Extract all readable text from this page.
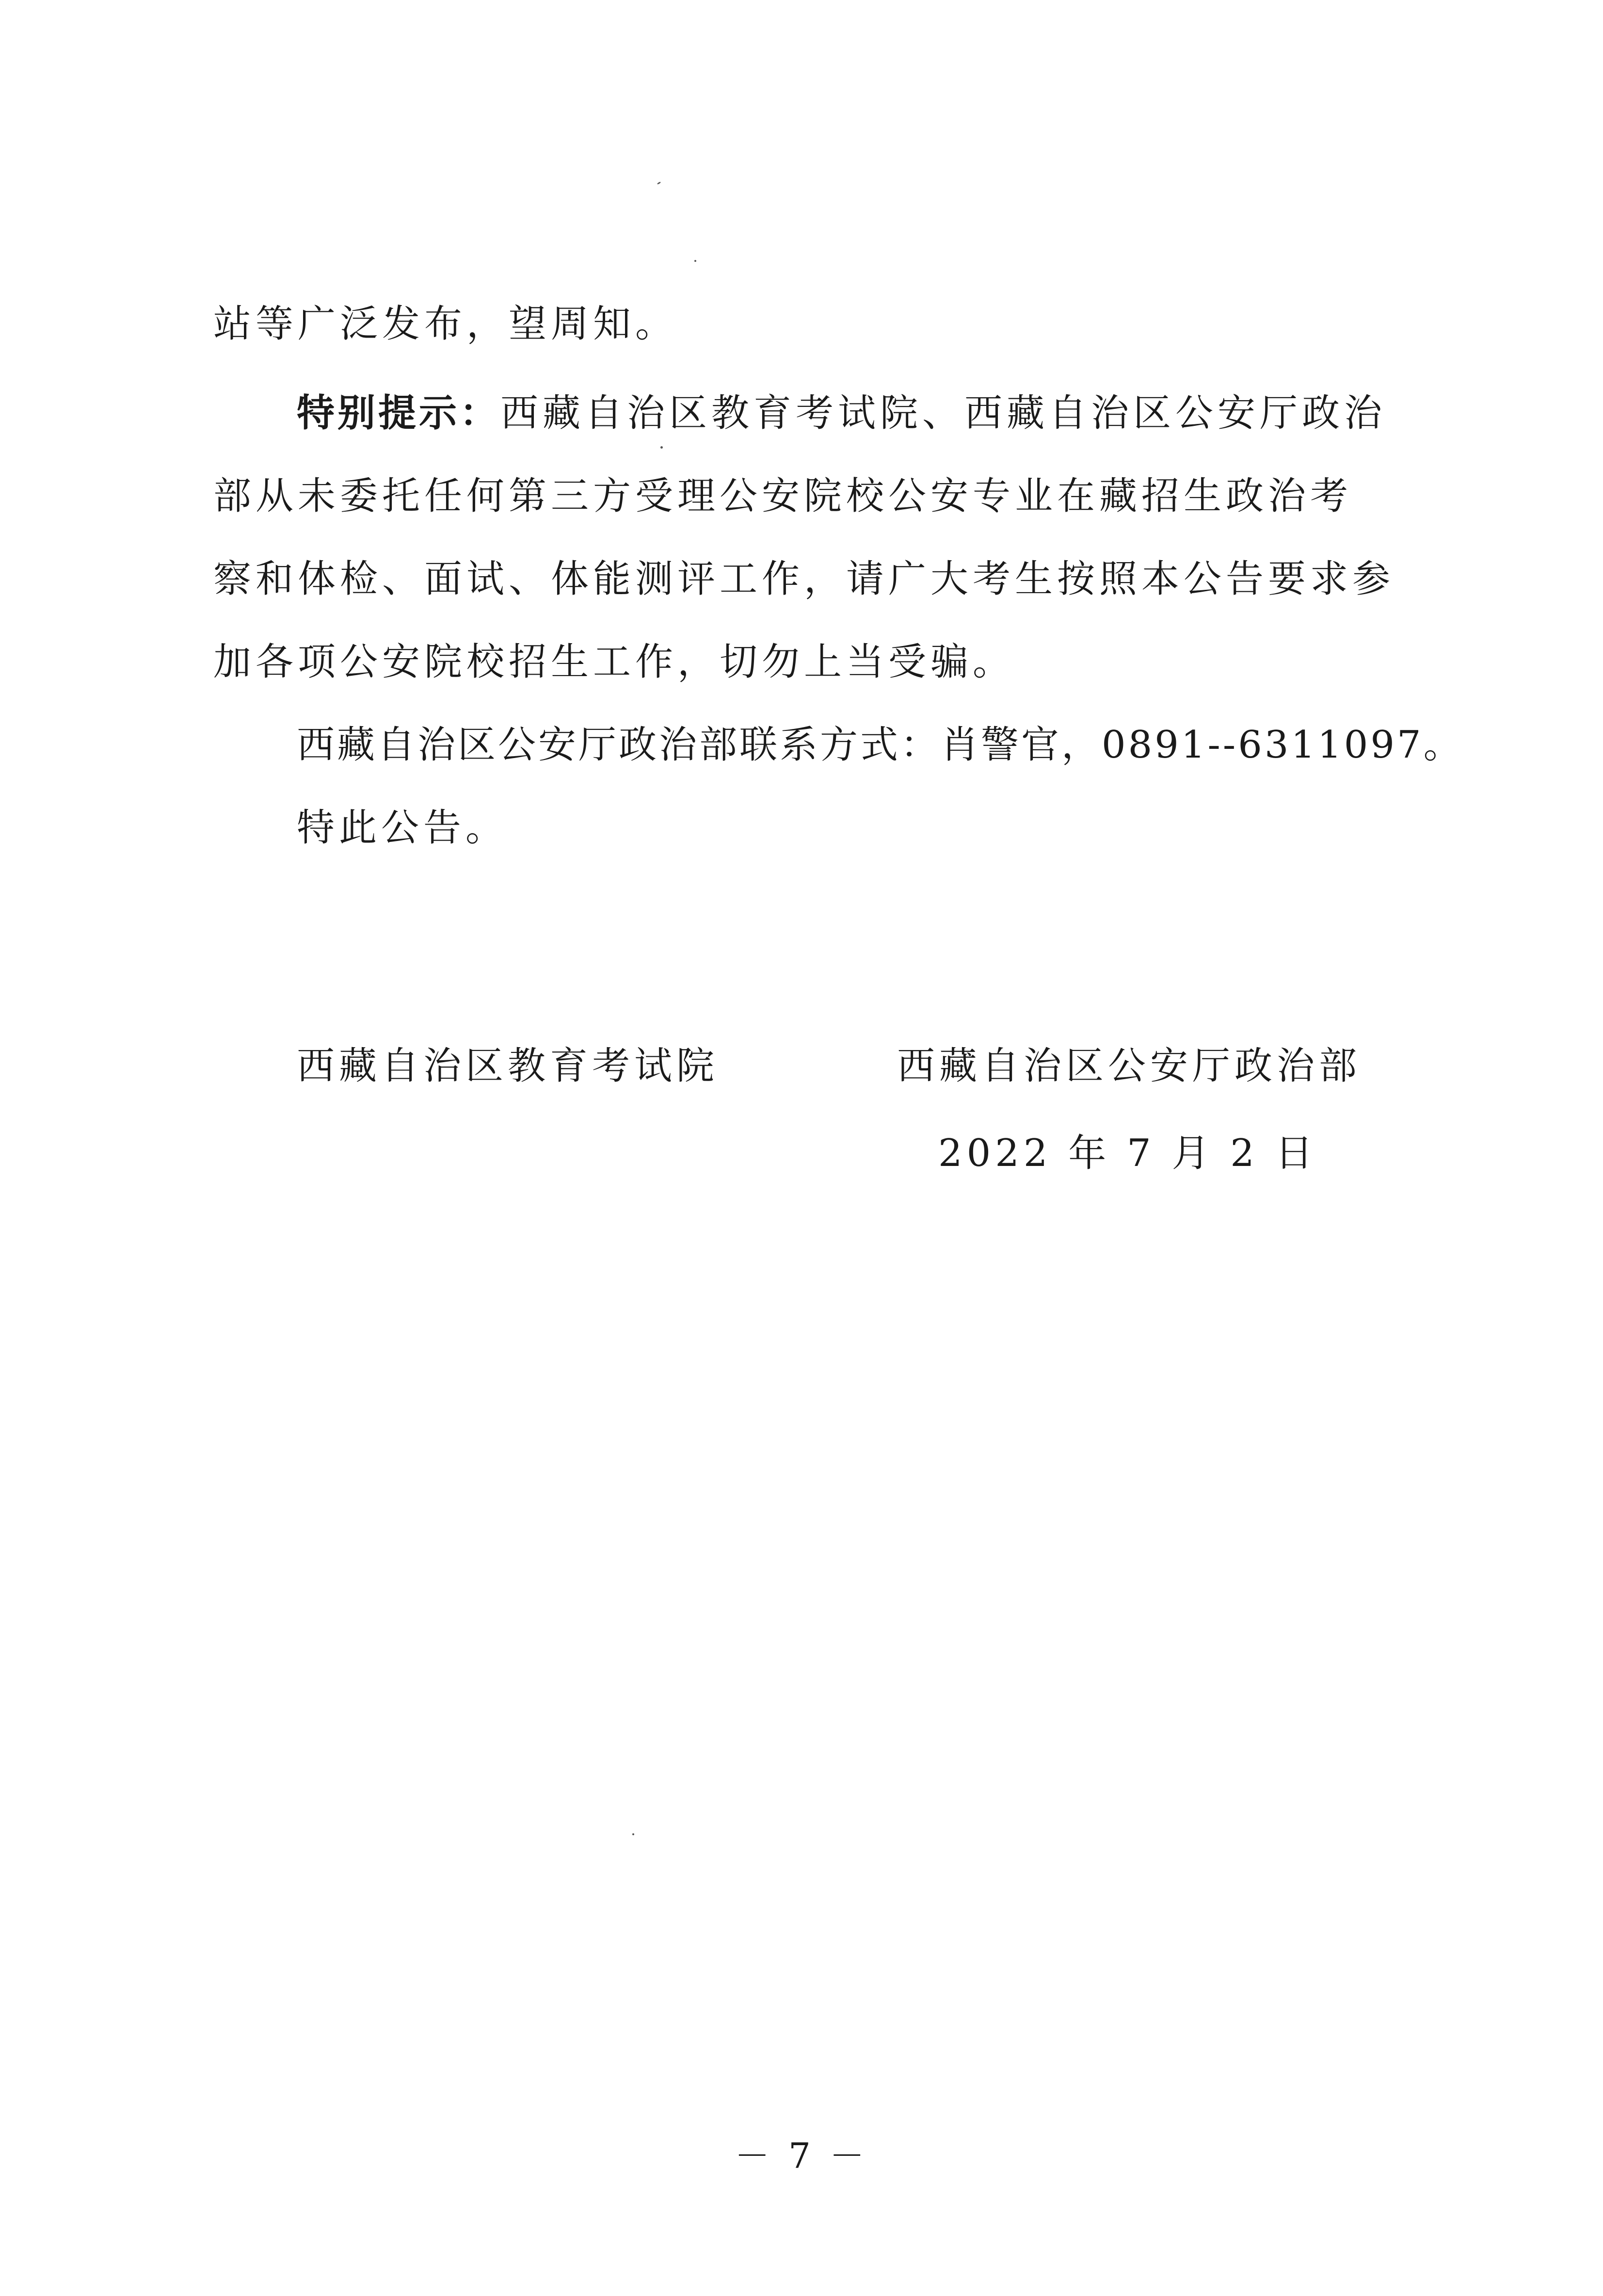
站等广泛发布，望周知。
特别提示：西藏自治区教育考试院、西藏自治区公安厅政治
部从未委托任何第三方受理公安院校公安专业在藏招生政治考
察和体检、面试、体能测评工作，请广大考生按照本公告要求参
加各项公安院校招生工作，切勿上当受骗。
西藏自治区公安厅政治部联系方式：肖警官，0891--6311097。
特此公告。
西藏自治区教育考试院	西藏自治区公安厅政治部
2022 年 7 月 2 日
－ 7 －
